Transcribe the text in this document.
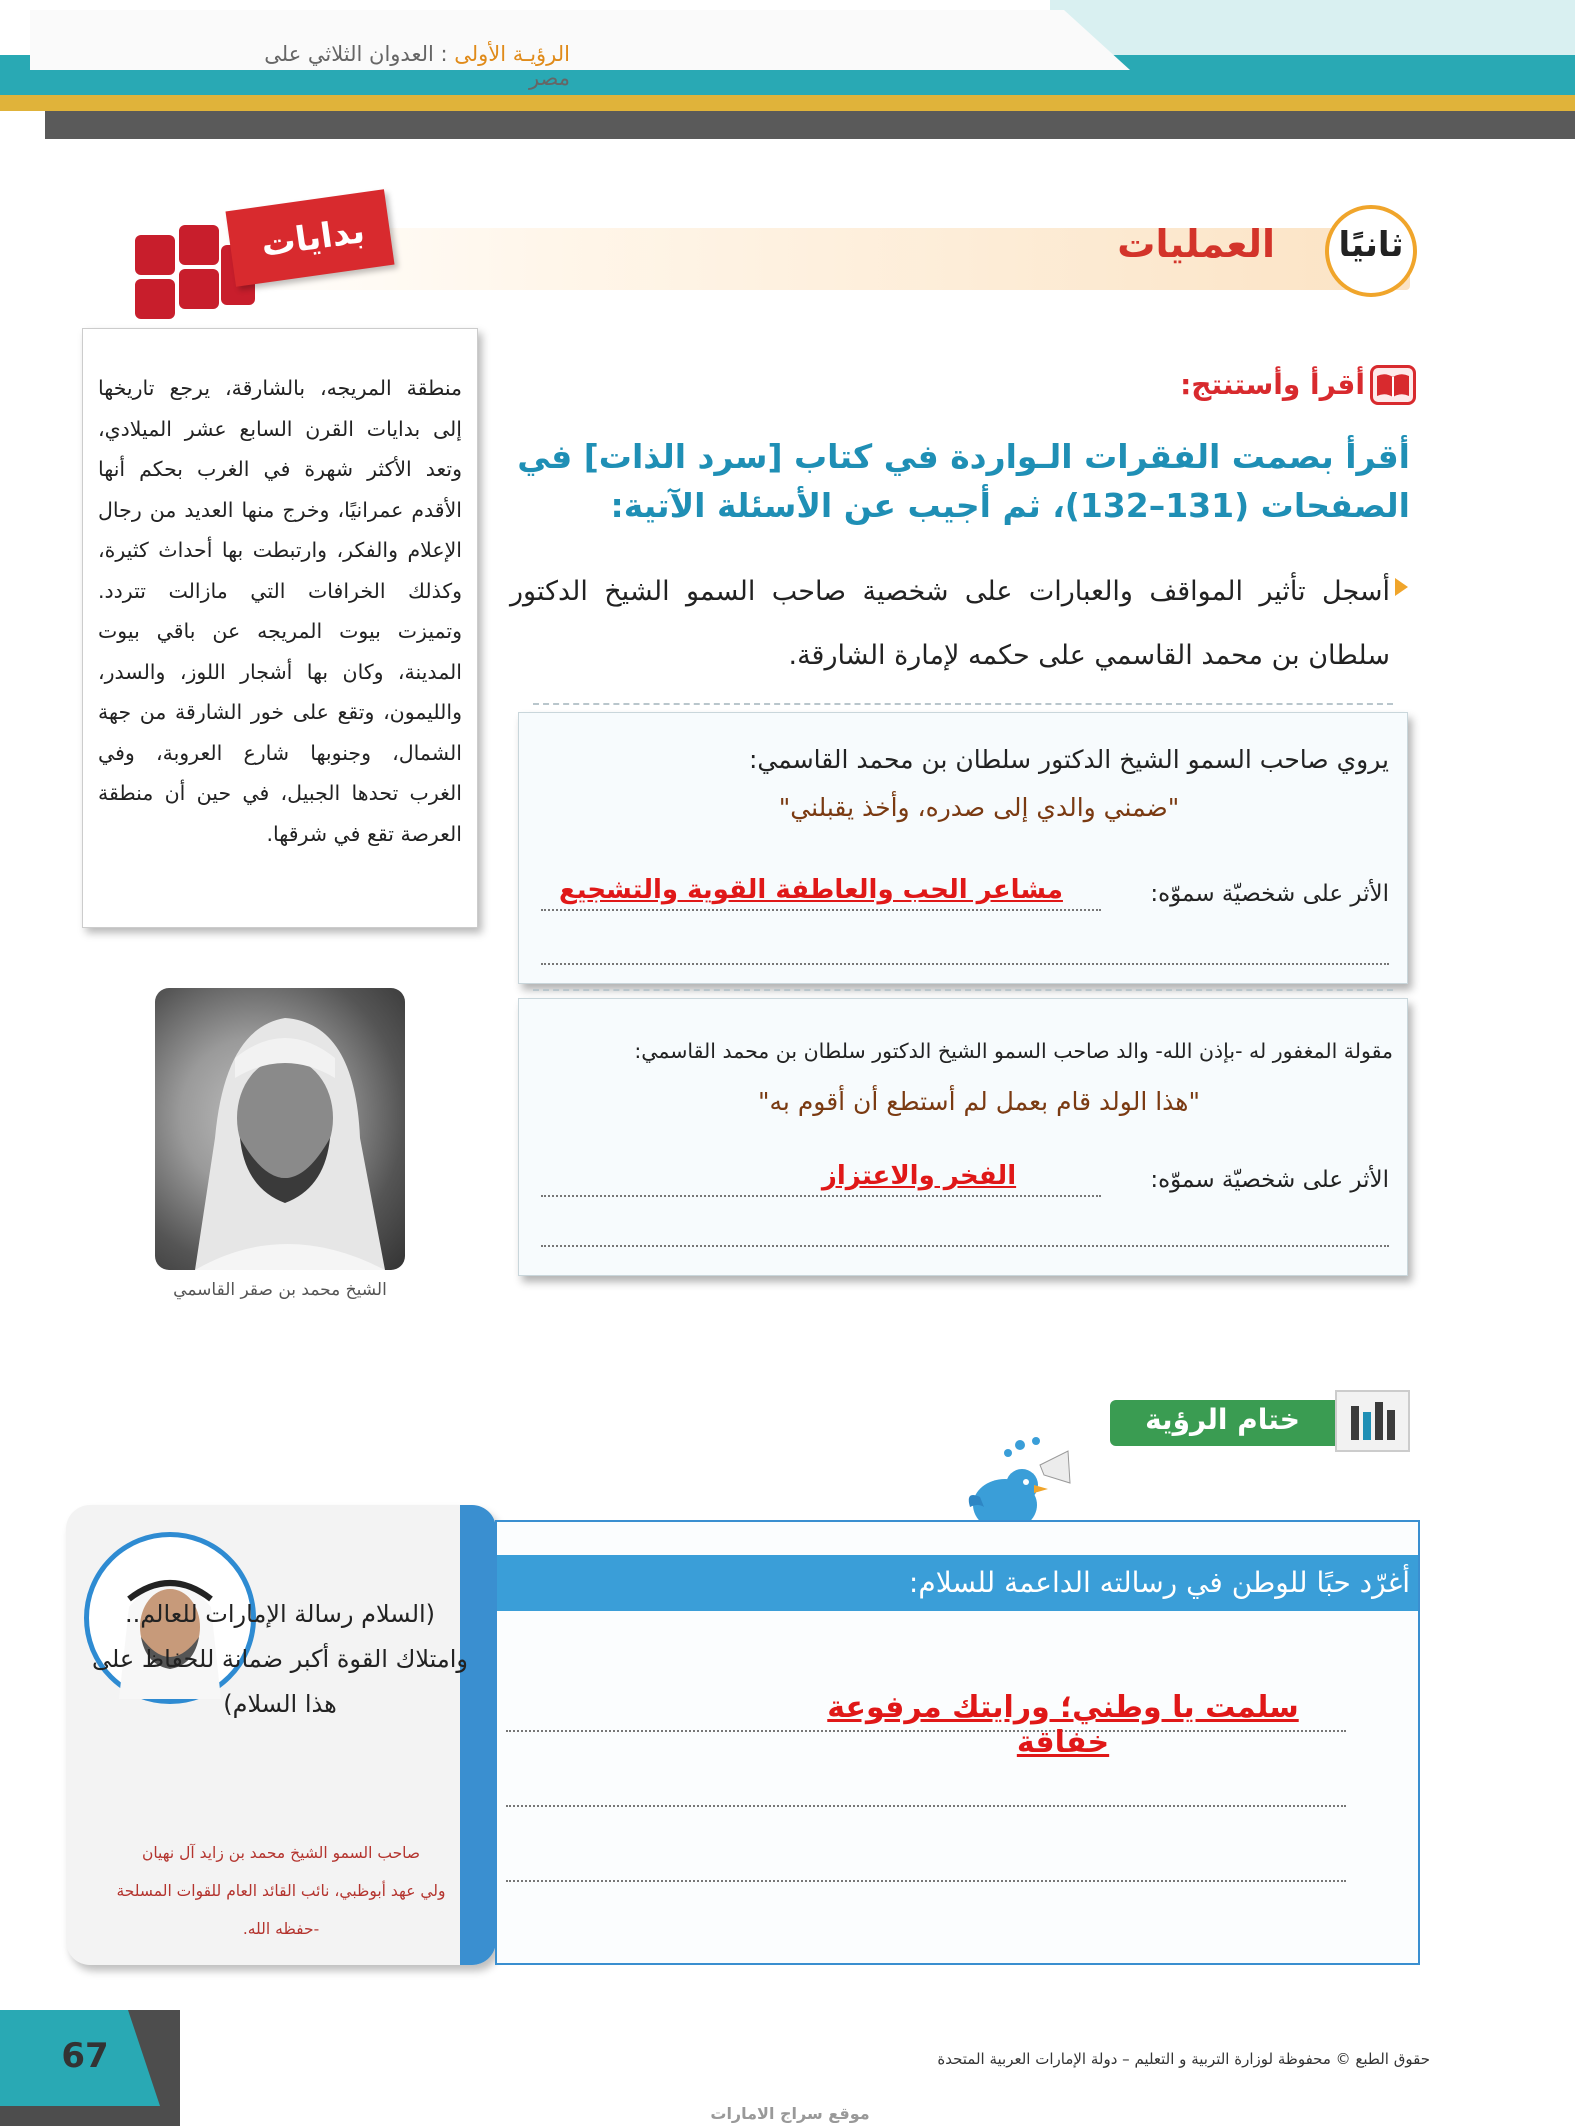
الرؤيـة الأولى : العدوان الثلاثي على مصر
ثانيًا
العمليات
بدايات
منطقة المريجه، بالشارقة، يرجع تاريخها إلى بدايات القرن السابع عشر الميلادي، وتعد الأكثر شهرة في الغرب بحكم أنها الأقدم عمرانيًا، وخرج منها العديد من رجال الإعلام والفكر، وارتبطت بها أحداث كثيرة، وكذلك الخرافات التي مازالت تتردد. وتميزت بيوت المريجه عن باقي بيوت المدينة، وكان بها أشجار اللوز، والسدر، والليمون، وتقع على خور الشارقة من جهة الشمال، وجنوبها شارع العروبة، وفي الغرب تحدها الجبيل، في حين أن منطقة العرصة تقع في شرقها.
الشيخ محمد بن صقر القاسمي
أقرأ وأستنتج:
أقرأ بصمت الفقرات الـواردة في كتاب [سرد الذات] في الصفحات (131–132)، ثم أجيب عن الأسئلة الآتية:
أسجل تأثير المواقف والعبارات على شخصية صاحب السمو الشيخ الدكتور سلطان بن محمد القاسمي على حكمه لإمارة الشارقة.
يروي صاحب السمو الشيخ الدكتور سلطان بن محمد القاسمي:
"ضمني والدي إلى صدره، وأخذ يقبلني"
الأثر على شخصيّة سموّه:
مشاعر الحب والعاطفة القوية والتشجيع
مقولة المغفور له -بإذن الله- والد صاحب السمو الشيخ الدكتور سلطان بن محمد القاسمي:
"هذا الولد قام بعمل لم أستطع أن أقوم به"
الأثر على شخصيّة سموّه:
الفخر والاعتزاز
ختام الرؤية
(السلام رسالة الإمارات للعالم.. وامتلاك القوة أكبر ضمانة للحفاظ على هذا السلام)
صاحب السمو الشيخ محمد بن زايد آل نهيان
ولي عهد أبوظبي، نائب القائد العام للقوات المسلحة
-حفظه الله.
أغرّد حبًا للوطن في رسالته الداعمة للسلام:
سلمت يا وطني؛ ورايتك مرفوعة خفاقة
67	حقوق الطبع © محفوظة لوزارة التربية و التعليم – دولة الإمارات العربية المتحدة
موقع سراج الامارات
